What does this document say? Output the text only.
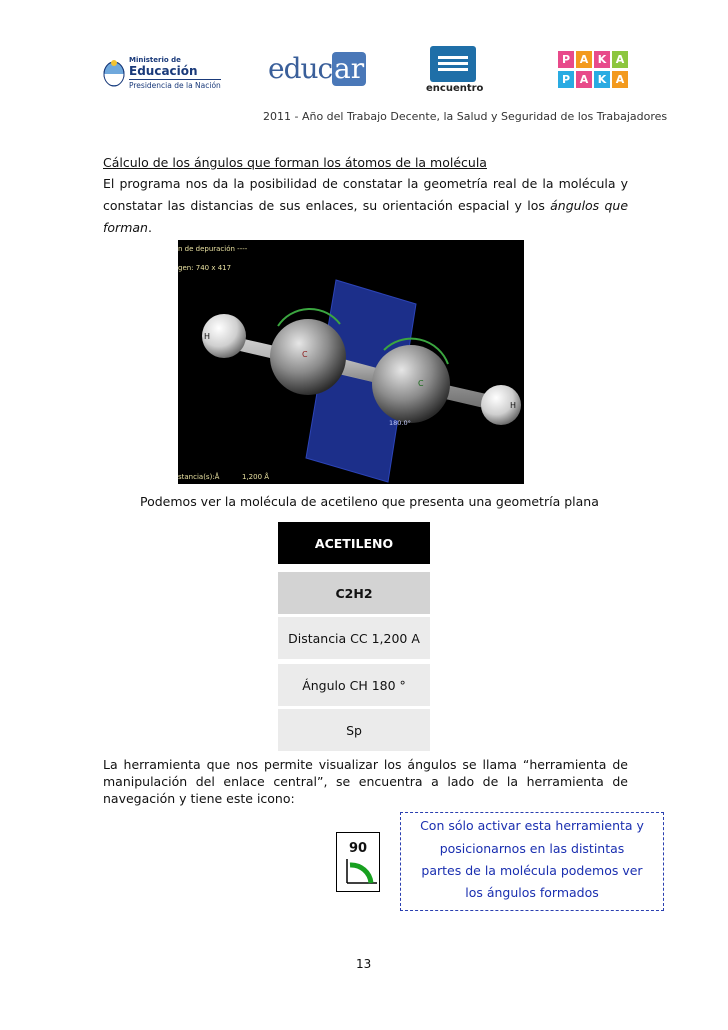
Ministerio de
Educación
Presidencia de la Nación
educ ar
encuentro
P A K A
P A K A
2011 - Año del Trabajo Decente, la Salud y Seguridad de los Trabajadores
Cálculo de los ángulos que forman los átomos de la molécula
El programa nos da la posibilidad de constatar la geometría real de la molécula y
constatar las distancias de sus enlaces, su orientación espacial y los ángulos que
forman.
n de depuración ----
gen: 740 x 417
H
C
C
H
180.0°
stancia(s):Å	1,200 Å
Podemos ver la molécula de acetileno que presenta una geometría plana
ACETILENO
C2H2
Distancia CC 1,200 A
Ángulo CH 180 °
Sp
La herramienta que nos permite visualizar los ángulos se llama “herramienta de
manipulación del enlace central”, se encuentra a lado de la herramienta de
navegación y tiene este icono:
90
Con sólo activar esta herramienta y
posicionarnos en las distintas
partes de la molécula podemos ver
los ángulos formados
13
